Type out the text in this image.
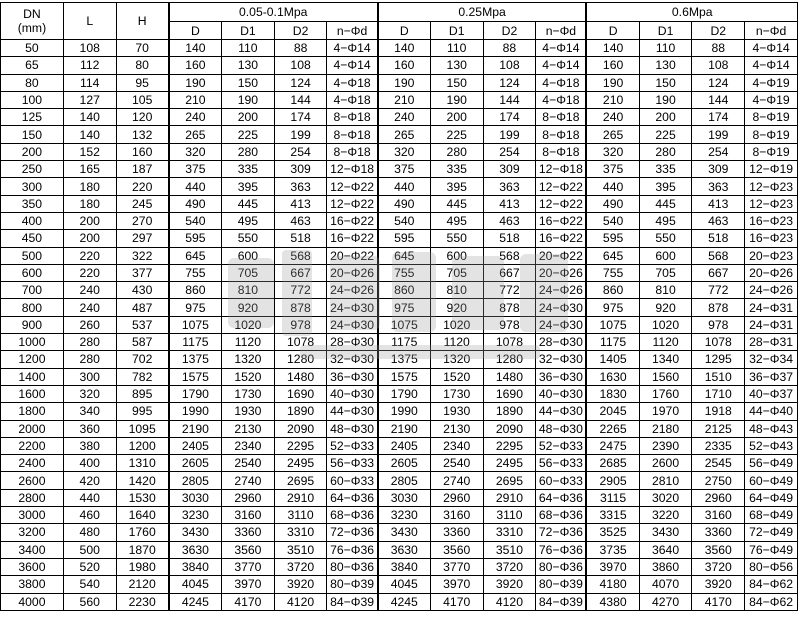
DN
(mm)	L	H	0.05-0.1Mpa				0.25Mpa				0.6Mpa			
			D	D1	D2	n−Φd	D	D1	D2	n−Φd	D	D1	D2	n−Φd
50	108	70	140	110	88	4−Φ14	140	110	88	4−Φ14	140	110	88	4−Φ14
65	112	80	160	130	108	4−Φ14	160	130	108	4−Φ14	160	130	108	4−Φ14
80	114	95	190	150	124	4−Φ18	190	150	124	4−Φ18	190	150	124	4−Φ19
100	127	105	210	190	144	4−Φ18	210	190	144	4−Φ18	210	190	144	4−Φ19
125	140	120	240	200	174	8−Φ18	240	200	174	8−Φ18	240	200	174	8−Φ19
150	140	132	265	225	199	8−Φ18	265	225	199	8−Φ18	265	225	199	8−Φ19
200	152	160	320	280	254	8−Φ18	320	280	254	8−Φ18	320	280	254	8−Φ19
250	165	187	375	335	309	12−Φ18	375	335	309	12−Φ18	375	335	309	12−Φ19
300	180	220	440	395	363	12−Φ22	440	395	363	12−Φ22	440	395	363	12−Φ23
350	180	245	490	445	413	12−Φ22	490	445	413	12−Φ22	490	445	413	12−Φ23
400	200	270	540	495	463	16−Φ22	540	495	463	16−Φ22	540	495	463	16−Φ23
450	200	297	595	550	518	16−Φ22	595	550	518	16−Φ22	595	550	518	16−Φ23
500	220	322	645	600	568	20−Φ22	645	600	568	20−Φ22	645	600	568	20−Φ23
600	220	377	755	705	667	20−Φ26	755	705	667	20−Φ26	755	705	667	20−Φ26
700	240	430	860	810	772	24−Φ26	860	810	772	24−Φ26	860	810	772	24−Φ26
800	240	487	975	920	878	24−Φ30	975	920	878	24−Φ30	975	920	878	24−Φ31
900	260	537	1075	1020	978	24−Φ30	1075	1020	978	24−Φ30	1075	1020	978	24−Φ31
1000	280	587	1175	1120	1078	28−Φ30	1175	1120	1078	28−Φ30	1175	1120	1078	28−Φ31
1200	280	702	1375	1320	1280	32−Φ30	1375	1320	1280	32−Φ30	1405	1340	1295	32−Φ34
1400	300	782	1575	1520	1480	36−Φ30	1575	1520	1480	36−Φ30	1630	1560	1510	36−Φ37
1600	320	895	1790	1730	1690	40−Φ30	1790	1730	1690	40−Φ30	1830	1760	1710	40−Φ37
1800	340	995	1990	1930	1890	44−Φ30	1990	1930	1890	44−Φ30	2045	1970	1918	44−Φ40
2000	360	1095	2190	2130	2090	48−Φ30	2190	2130	2090	48−Φ30	2265	2180	2125	48−Φ43
2200	380	1200	2405	2340	2295	52−Φ33	2405	2340	2295	52−Φ33	2475	2390	2335	52−Φ43
2400	400	1310	2605	2540	2495	56−Φ33	2605	2540	2495	56−Φ33	2685	2600	2545	56−Φ49
2600	420	1420	2805	2740	2695	60−Φ33	2805	2740	2695	60−Φ33	2905	2810	2750	60−Φ49
2800	440	1530	3030	2960	2910	64−Φ36	3030	2960	2910	64−Φ36	3115	3020	2960	64−Φ49
3000	460	1640	3230	3160	3110	68−Φ36	3230	3160	3110	68−Φ36	3315	3220	3160	68−Φ49
3200	480	1760	3430	3360	3310	72−Φ36	3430	3360	3310	72−Φ36	3525	3430	3360	72−Φ49
3400	500	1870	3630	3560	3510	76−Φ36	3630	3560	3510	76−Φ36	3735	3640	3560	76−Φ49
3600	520	1980	3840	3770	3720	80−Φ36	3840	3770	3720	80−Φ36	3970	3860	3720	80−Φ56
3800	540	2120	4045	3970	3920	80−Φ39	4045	3970	3920	80−Φ39	4180	4070	3920	84−Φ62
4000	560	2230	4245	4170	4120	84−Φ39	4245	4170	4120	84−Φ39	4380	4270	4170	84−Φ62
